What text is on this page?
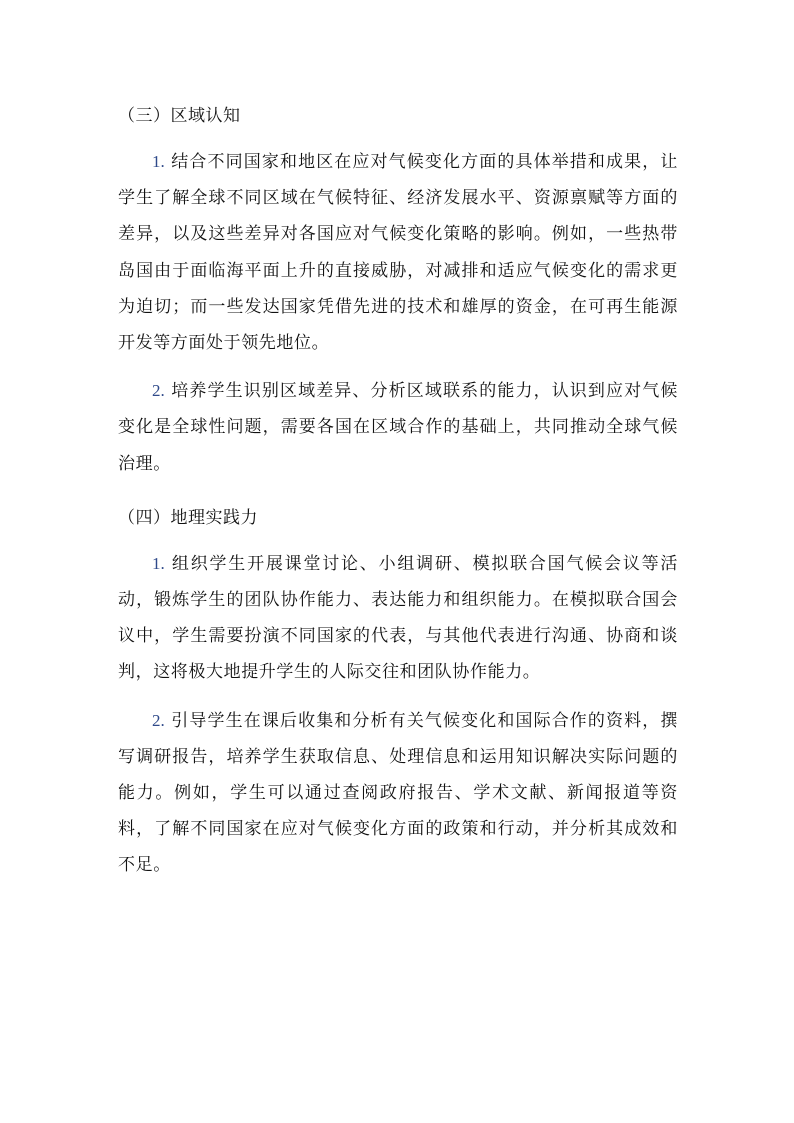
（三）区域认知

1. 结合不同国家和地区在应对气候变化方面的具体举措和成果，让学生了解全球不同区域在气候特征、经济发展水平、资源禀赋等方面的差异，以及这些差异对各国应对气候变化策略的影响。例如，一些热带岛国由于面临海平面上升的直接威胁，对减排和适应气候变化的需求更为迫切；而一些发达国家凭借先进的技术和雄厚的资金，在可再生能源开发等方面处于领先地位。

2. 培养学生识别区域差异、分析区域联系的能力，认识到应对气候变化是全球性问题，需要各国在区域合作的基础上，共同推动全球气候治理。

（四）地理实践力

1. 组织学生开展课堂讨论、小组调研、模拟联合国气候会议等活动，锻炼学生的团队协作能力、表达能力和组织能力。在模拟联合国会议中，学生需要扮演不同国家的代表，与其他代表进行沟通、协商和谈判，这将极大地提升学生的人际交往和团队协作能力。

2. 引导学生在课后收集和分析有关气候变化和国际合作的资料，撰写调研报告，培养学生获取信息、处理信息和运用知识解决实际问题的能力。例如，学生可以通过查阅政府报告、学术文献、新闻报道等资料，了解不同国家在应对气候变化方面的政策和行动，并分析其成效和不足。
